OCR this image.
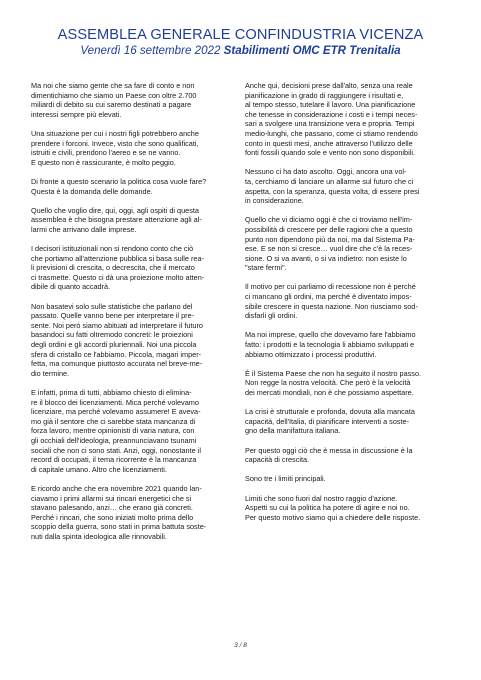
ASSEMBLEA GENERALE CONFINDUSTRIA VICENZA
Venerdì 16 settembre 2022 Stabilimenti OMC ETR Trenitalia

Ma noi che siamo gente che sa fare di conto e non
dimentichiamo che siamo un Paese con oltre 2.700
miliardi di debito su cui saremo destinati a pagare
interessi sempre più elevati.

Una situazione per cui i nostri figli potrebbero anche
prendere i forconi. Invece, visto che sono qualificati,
istruiti e civili, prendono l'aereo e se ne vanno.
E questo non è rassicurante, è molto peggio.

Di fronte a questo scenario la politica cosa vuole fare?
Questa è la domanda delle domande.

Quello che voglio dire, qui, oggi, agli ospiti di questa
assemblea è che bisogna prestare attenzione agli al-
larmi che arrivano dalle imprese.

I decisori istituzionali non si rendono conto che ciò
che portiamo all'attenzione pubblica si basa sulle rea-
li previsioni di crescita, o decrescita, che il mercato
ci trasmette. Questo ci dà una proiezione molto atten-
dibile di quanto accadrà.

Non basatevi solo sulle statistiche che parlano del
passato. Quelle vanno bene per interpretare il pre-
sente. Noi però siamo abituati ad interpretare il futuro
basandoci su fatti oltremodo concreti: le proiezioni
degli ordini e gli accordi pluriennali. Noi una piccola
sfera di cristallo ce l'abbiamo. Piccola, magari imper-
fetta, ma comunque piuttosto accurata nel breve-me-
dio termine.

E infatti, prima di tutti, abbiamo chiesto di elimina-
re il blocco dei licenziamenti. Mica perché volevamo
licenziare, ma perché volevamo assumere! E aveva-
mo già il sentore che ci sarebbe stata mancanza di
forza lavoro, mentre opinionisti di varia natura, con
gli occhiali dell'ideologia, preannunciavano tsunami
sociali che non ci sono stati. Anzi, oggi, nonostante il
record di occupati, il tema ricorrente è la mancanza
di capitale umano. Altro che licenziamenti.

E ricordo anche che era novembre 2021 quando lan-
ciavamo i primi allarmi sui rincari energetici che si
stavano palesando, anzi… che erano già concreti.
Perché i rincari, che sono iniziati molto prima dello
scoppio della guerra, sono stati in prima battuta soste-
nuti dalla spinta ideologica alle rinnovabili.

Anche qui, decisioni prese dall'alto, senza una reale
pianificazione in grado di raggiungere i risultati e,
al tempo stesso, tutelare il lavoro. Una pianificazione
che tenesse in considerazione i costi e i tempi neces-
sari a svolgere una transizione vera e propria. Tempi
medio-lunghi, che passano, come ci stiamo rendendo
conto in questi mesi, anche attraverso l'utilizzo delle
fonti fossili quando sole e vento non sono disponibili.

Nessuno ci ha dato ascolto. Oggi, ancora una vol-
ta, cerchiamo di lanciare un allarme sul futuro che ci
aspetta, con la speranza, questa volta, di essere presi
in considerazione.

Quello che vi diciamo oggi è che ci troviamo nell'im-
possibilità di crescere per delle ragioni che a questo
punto non dipendono più da noi, ma dal Sistema Pa-
ese. E se non si cresce… vuol dire che c'è la reces-
sione. O si va avanti, o si va indietro: non esiste lo
"stare fermi".

Il motivo per cui parliamo di recessione non è perché
ci mancano gli ordini, ma perché è diventato impos-
sibile crescere in questa nazione. Non riusciamo sod-
disfarli gli ordini.

Ma noi imprese, quello che dovevamo fare l'abbiamo
fatto: i prodotti e la tecnologia li abbiamo sviluppati e
abbiamo ottimizzato i processi produttivi.

È il Sistema Paese che non ha seguito il nostro passo.
Non regge la nostra velocità. Che però è la velocità
dei mercati mondiali, non è che possiamo aspettare.

La crisi è strutturale e profonda, dovuta alla mancata
capacità, dell'Italia, di pianificare interventi a soste-
gno della manifattura italiana.

Per questo oggi ciò che è messa in discussione è la
capacità di crescita.

Sono tre i limiti principali.

Limiti che sono fuori dal nostro raggio d'azione.
Aspetti su cui la politica ha potere di agire e noi no.
Per questo motivo siamo qui a chiedere delle risposte.

3 / 8
